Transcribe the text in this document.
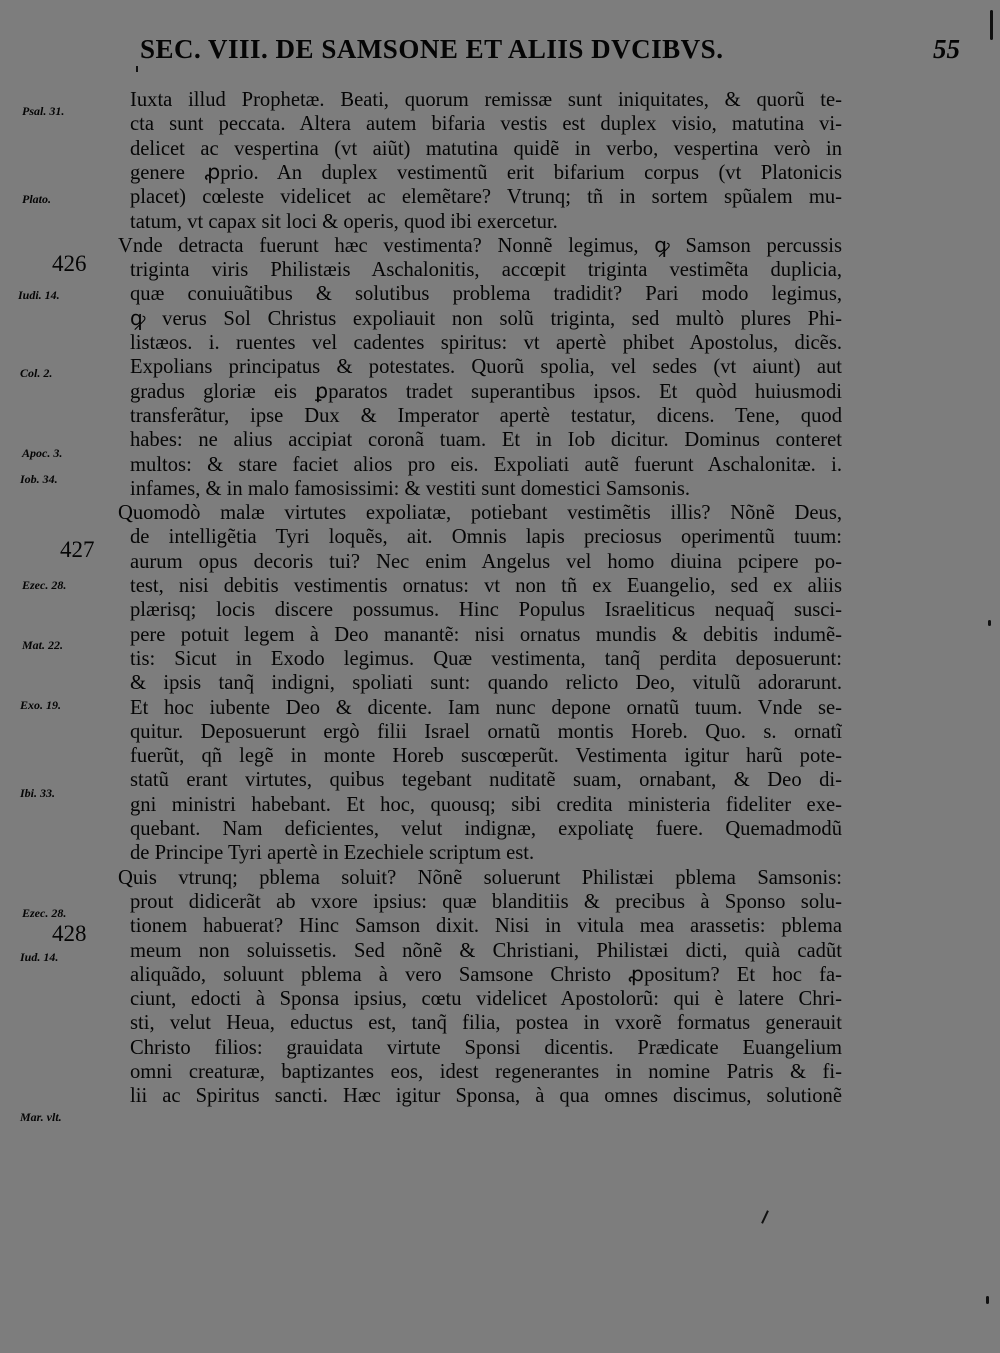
SEC. VIII. DE SAMSONE ET ALIIS DVCIBVS.	55
Psal. 31.
Plato.
Iudi. 14.
Col. 2.
Apoc. 3.
Iob. 34.
Ezec. 28.
Mat. 22.
Exo. 19.
Ibi. 33.
Ezec. 28.
Iud. 14.
Mar. vlt.
426
427
428
Iuxta illud Prophetæ. Beati, quorum remissæ sunt iniquitates, & quorũ te-
cta sunt peccata. Altera autem bifaria vestis est duplex visio, matutina vi-
delicet ac vespertina (vt aiũt) matutina quidẽ in verbo, vespertina verò in
genere ꝓprio. An duplex vestimentũ erit bifarium corpus (vt Platonicis
placet) cœleste videlicet ac elemẽtare? Vtrunq; tñ in sortem spũalem mu-
tatum, vt capax sit loci & operis, quod ibi exercetur.
Vnde detracta fuerunt hæc vestimenta? Nonnẽ legimus, ꝙ Samson percussis
triginta viris Philistæis Aschalonitis, accœpit triginta vestimẽta duplicia,
quæ conuiuãtibus & solutibus problema tradidit? Pari modo legimus,
ꝙ verus Sol Christus expoliauit non solũ triginta, sed multò plures Phi-
listæos. i. ruentes vel cadentes spiritus: vt apertè phibet Apostolus, dicẽs.
Expolians principatus & potestates. Quorũ spolia, vel sedes (vt aiunt) aut
gradus gloriæ eis ꝑparatos tradet superantibus ipsos. Et quòd huiusmodi
transferãtur, ipse Dux & Imperator apertè testatur, dicens. Tene, quod
habes: ne alius accipiat coronã tuam. Et in Iob dicitur. Dominus conteret
multos: & stare faciet alios pro eis. Expoliati autẽ fuerunt Aschalonitæ. i.
infames, & in malo famosissimi: & vestiti sunt domestici Samsonis.
Quomodò malæ virtutes expoliatæ, potiebant vestimẽtis illis? Nõnẽ Deus,
de intelligẽtia Tyri loquẽs, ait. Omnis lapis preciosus operimentũ tuum:
aurum opus decoris tui? Nec enim Angelus vel homo diuina pcipere po-
test, nisi debitis vestimentis ornatus: vt non tñ ex Euangelio, sed ex aliis
plærisq; locis discere possumus. Hinc Populus Israeliticus nequaq̃ susci-
pere potuit legem à Deo manantẽ: nisi ornatus mundis & debitis indumẽ-
tis: Sicut in Exodo legimus. Quæ vestimenta, tanq̃ perdita deposuerunt:
& ipsis tanq̃ indigni, spoliati sunt: quando relicto Deo, vitulũ adorarunt.
Et hoc iubente Deo & dicente. Iam nunc depone ornatũ tuum. Vnde se-
quitur. Deposuerunt ergò filii Israel ornatũ montis Horeb. Quo. s. ornatĩ
fuerũt, qñ legẽ in monte Horeb suscœperũt. Vestimenta igitur harũ pote-
statũ erant virtutes, quibus tegebant nuditatẽ suam, ornabant, & Deo di-
gni ministri habebant. Et hoc, quousq; sibi credita ministeria fideliter exe-
quebant. Nam deficientes, velut indignæ, expoliatę fuere. Quemadmodũ
de Principe Tyri apertè in Ezechiele scriptum est.
Quis vtrunq; pblema soluit? Nõnẽ soluerunt Philistæi pblema Samsonis:
prout didicerãt ab vxore ipsius: quæ blanditiis & precibus à Sponso solu-
tionem habuerat? Hinc Samson dixit. Nisi in vitula mea arassetis: pblema
meum non soluissetis. Sed nõnẽ & Christiani, Philistæi dicti, quià cadũt
aliquãdo, soluunt pblema à vero Samsone Christo ꝓpositum? Et hoc fa-
ciunt, edocti à Sponsa ipsius, cœtu videlicet Apostolorũ: qui è latere Chri-
sti, velut Heua, eductus est, tanq̃ filia, postea in vxorẽ formatus generauit
Christo filios: grauidata virtute Sponsi dicentis. Prædicate Euangelium
omni creaturæ, baptizantes eos, idest regenerantes in nomine Patris & fi-
lii ac Spiritus sancti. Hæc igitur Sponsa, à qua omnes discimus, solutionẽ
